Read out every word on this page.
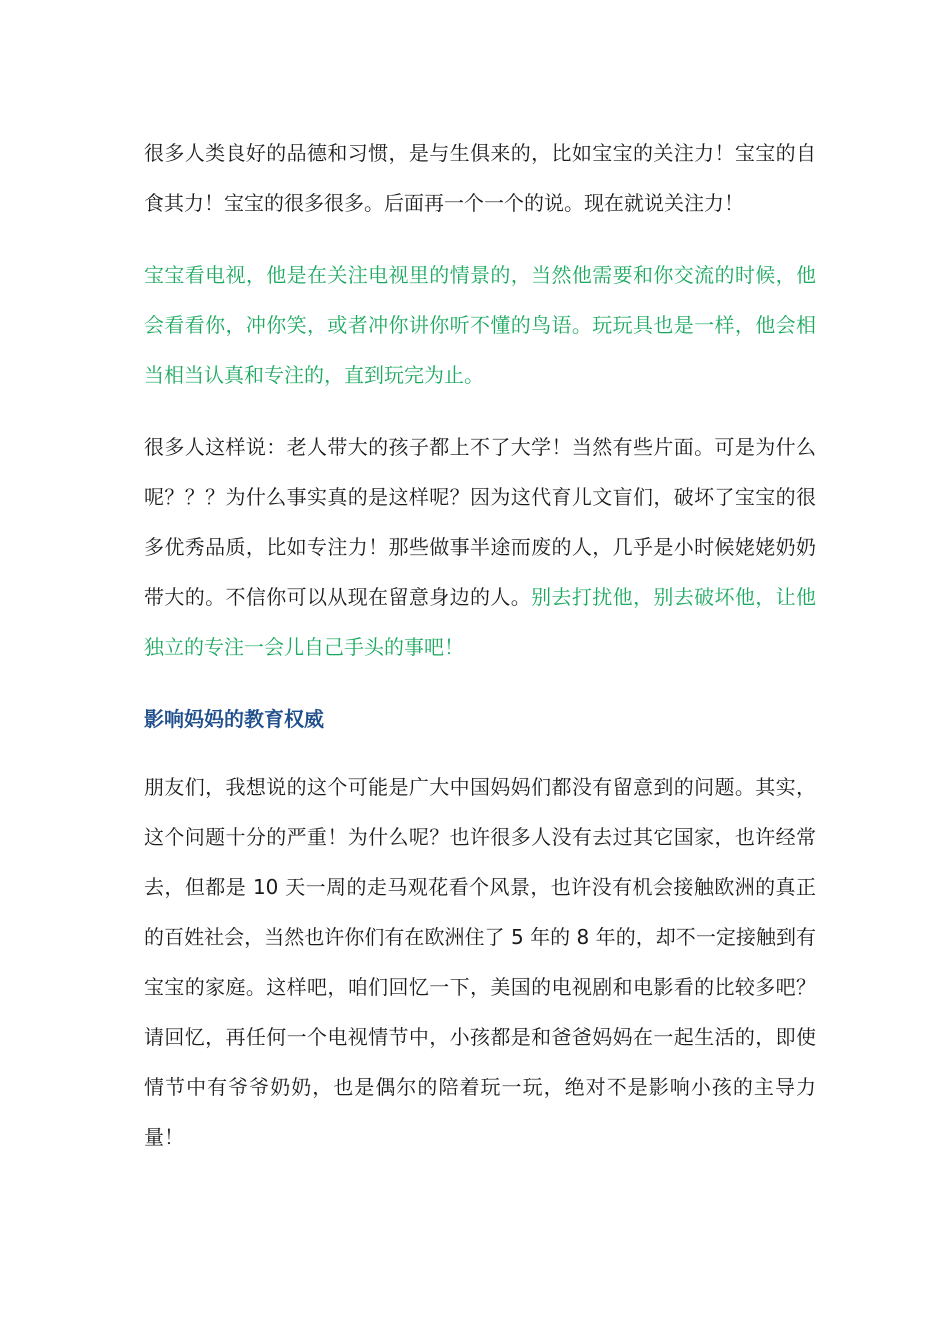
很多人类良好的品德和习惯，是与生俱来的，比如宝宝的关注力！宝宝的自食其力！宝宝的很多很多。后面再一个一个的说。现在就说关注力！

宝宝看电视，他是在关注电视里的情景的，当然他需要和你交流的时候，他会看看你，冲你笑，或者冲你讲你听不懂的鸟语。玩玩具也是一样，他会相当相当认真和专注的，直到玩完为止。

很多人这样说：老人带大的孩子都上不了大学！当然有些片面。可是为什么呢？？？为什么事实真的是这样呢？因为这代育儿文盲们，破坏了宝宝的很多优秀品质，比如专注力！那些做事半途而废的人，几乎是小时候姥姥奶奶带大的。不信你可以从现在留意身边的人。别去打扰他，别去破坏他，让他独立的专注一会儿自己手头的事吧！

影响妈妈的教育权威

朋友们，我想说的这个可能是广大中国妈妈们都没有留意到的问题。其实，这个问题十分的严重！为什么呢？也许很多人没有去过其它国家，也许经常去，但都是 10 天一周的走马观花看个风景，也许没有机会接触欧洲的真正的百姓社会，当然也许你们有在欧洲住了 5 年的 8 年的，却不一定接触到有宝宝的家庭。这样吧，咱们回忆一下，美国的电视剧和电影看的比较多吧？请回忆，再任何一个电视情节中，小孩都是和爸爸妈妈在一起生活的，即使情节中有爷爷奶奶，也是偶尔的陪着玩一玩，绝对不是影响小孩的主导力量！
